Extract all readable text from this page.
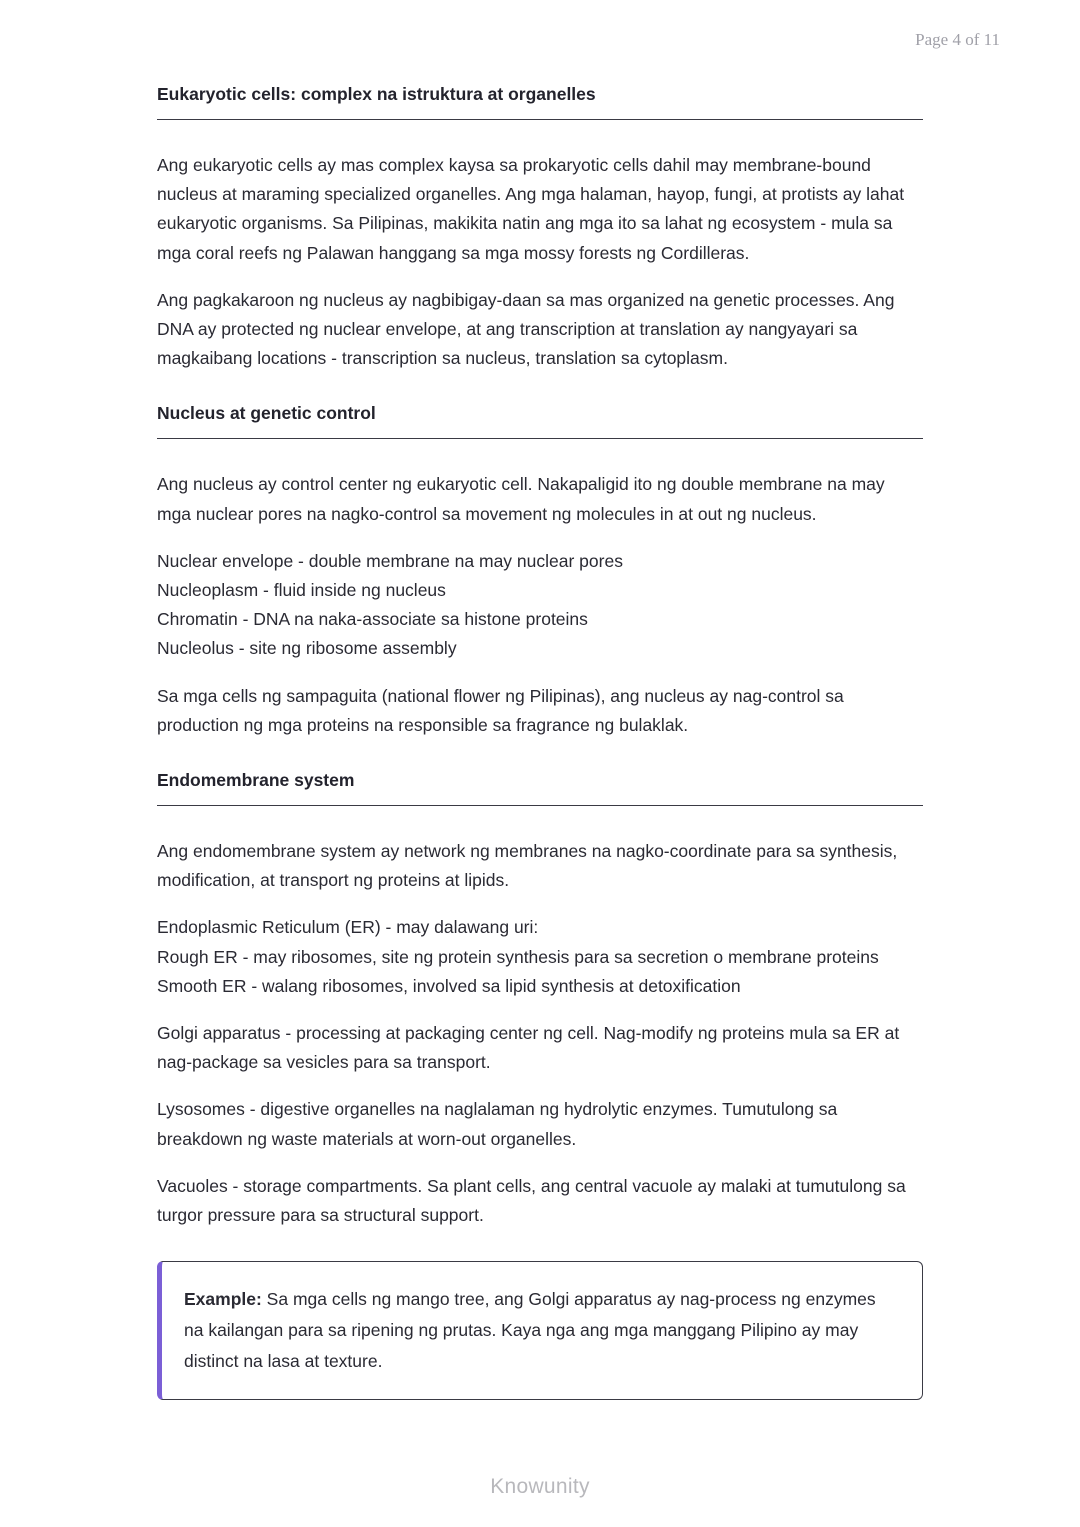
Page 4 of 11
Eukaryotic cells: complex na istruktura at organelles

Ang eukaryotic cells ay mas complex kaysa sa prokaryotic cells dahil may membrane-bound nucleus at maraming specialized organelles. Ang mga halaman, hayop, fungi, at protists ay lahat eukaryotic organisms. Sa Pilipinas, makikita natin ang mga ito sa lahat ng ecosystem - mula sa mga coral reefs ng Palawan hanggang sa mga mossy forests ng Cordilleras.

Ang pagkakaroon ng nucleus ay nagbibigay-daan sa mas organized na genetic processes. Ang DNA ay protected ng nuclear envelope, at ang transcription at translation ay nangyayari sa magkaibang locations - transcription sa nucleus, translation sa cytoplasm.

Nucleus at genetic control

Ang nucleus ay control center ng eukaryotic cell. Nakapaligid ito ng double membrane na may mga nuclear pores na nagko-control sa movement ng molecules in at out ng nucleus.

Nuclear envelope - double membrane na may nuclear pores
Nucleoplasm - fluid inside ng nucleus
Chromatin - DNA na naka-associate sa histone proteins
Nucleolus - site ng ribosome assembly

Sa mga cells ng sampaguita (national flower ng Pilipinas), ang nucleus ay nag-control sa production ng mga proteins na responsible sa fragrance ng bulaklak.

Endomembrane system

Ang endomembrane system ay network ng membranes na nagko-coordinate para sa synthesis, modification, at transport ng proteins at lipids.

Endoplasmic Reticulum (ER) - may dalawang uri:
Rough ER - may ribosomes, site ng protein synthesis para sa secretion o membrane proteins
Smooth ER - walang ribosomes, involved sa lipid synthesis at detoxification

Golgi apparatus - processing at packaging center ng cell. Nag-modify ng proteins mula sa ER at nag-package sa vesicles para sa transport.

Lysosomes - digestive organelles na naglalaman ng hydrolytic enzymes. Tumutulong sa breakdown ng waste materials at worn-out organelles.

Vacuoles - storage compartments. Sa plant cells, ang central vacuole ay malaki at tumutulong sa turgor pressure para sa structural support.

Example: Sa mga cells ng mango tree, ang Golgi apparatus ay nag-process ng enzymes na kailangan para sa ripening ng prutas. Kaya nga ang mga manggang Pilipino ay may distinct na lasa at texture.

Knowunity
